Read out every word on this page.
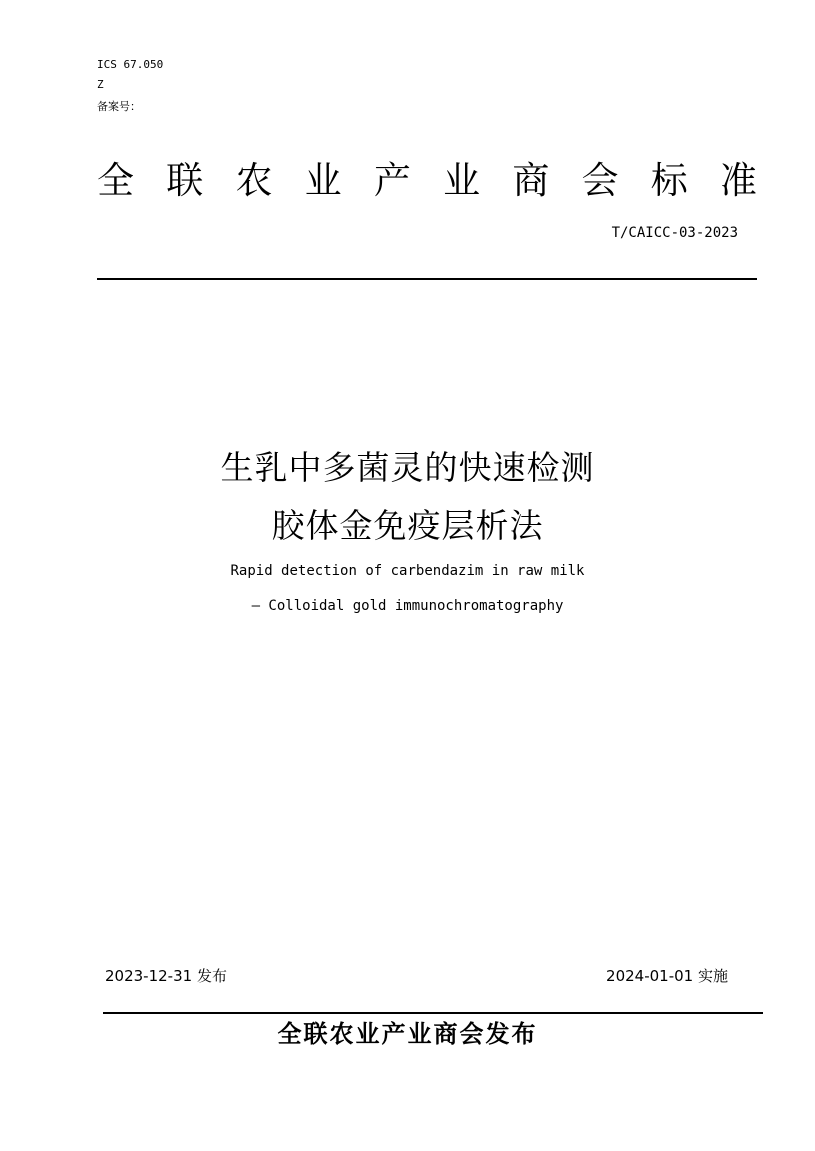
ICS 67.050
Z
备案号：
全 联 农 业 产 业 商 会 标 准
T/CAICC-03-2023
生乳中多菌灵的快速检测
胶体金免疫层析法
Rapid detection of carbendazim in raw milk
— Colloidal gold immunochromatography
2023-12-31 发布	2024-01-01 实施
全联农业产业商会发布
